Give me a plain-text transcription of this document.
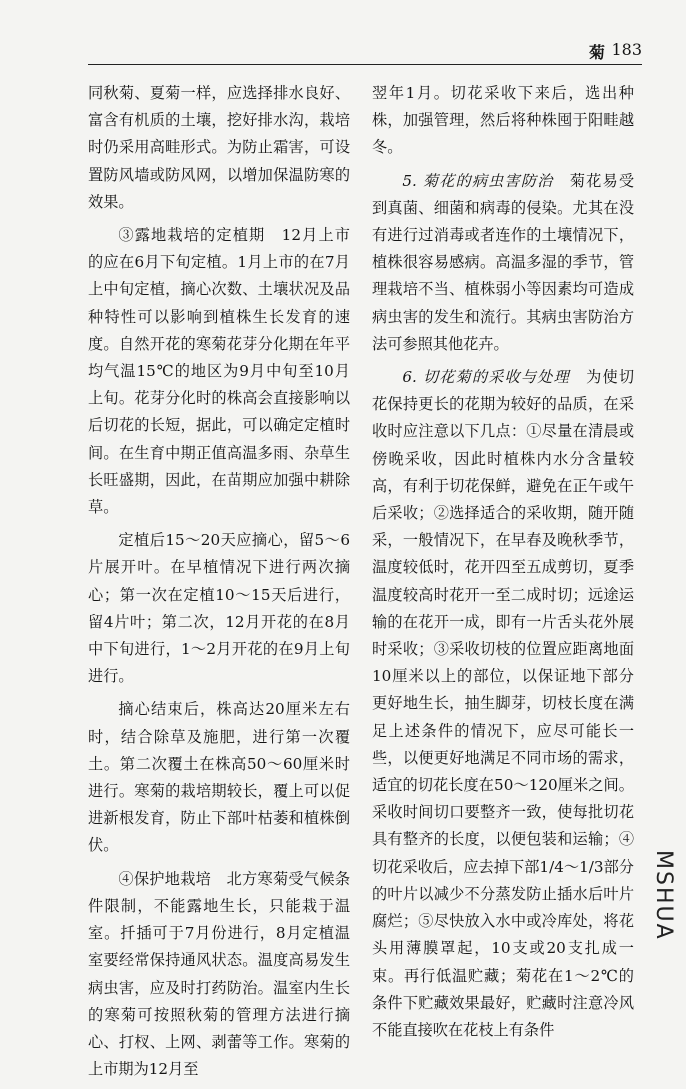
菊 183

同秋菊、夏菊一样，应选择排水良好、富含有机质的土壤，挖好排水沟，栽培时仍采用高畦形式。为防止霜害，可设置防风墙或防风网，以增加保温防寒的效果。

③露地栽培的定植期　12月上市的应在6月下旬定植。1月上市的在7月上中旬定植，摘心次数、土壤状况及品种特性可以影响到植株生长发育的速度。自然开花的寒菊花芽分化期在年平均气温15℃的地区为9月中旬至10月上旬。花芽分化时的株高会直接影响以后切花的长短，据此，可以确定定植时间。在生育中期正值高温多雨、杂草生长旺盛期，因此，在苗期应加强中耕除草。

定植后15～20天应摘心，留5～6片展开叶。在早植情况下进行两次摘心；第一次在定植10～15天后进行，留4片叶；第二次，12月开花的在8月中下旬进行，1～2月开花的在9月上旬进行。

摘心结束后，株高达20厘米左右时，结合除草及施肥，进行第一次覆土。第二次覆土在株高50～60厘米时进行。寒菊的栽培期较长，覆上可以促进新根发育，防止下部叶枯萎和植株倒伏。

④保护地栽培　北方寒菊受气候条件限制，不能露地生长，只能栽于温室。扦插可于7月份进行，8月定植温室要经常保持通风状态。温度高易发生病虫害，应及时打药防治。温室内生长的寒菊可按照秋菊的管理方法进行摘心、打杈、上网、剥蕾等工作。寒菊的上市期为12月至

翌年1月。切花采收下来后，选出种株，加强管理，然后将种株囤于阳畦越冬。

5. 菊花的病虫害防治　菊花易受到真菌、细菌和病毒的侵染。尤其在没有进行过消毒或者连作的土壤情况下，植株很容易感病。高温多湿的季节，管理栽培不当、植株弱小等因素均可造成病虫害的发生和流行。其病虫害防治方法可参照其他花卉。

6. 切花菊的采收与处理　为使切花保持更长的花期为较好的品质，在采收时应注意以下几点：①尽量在清晨或傍晚采收，因此时植株内水分含量较高，有利于切花保鲜，避免在正午或午后采收；②选择适合的采收期，随开随采，一般情况下，在早春及晚秋季节，温度较低时，花开四至五成剪切，夏季温度较高时花开一至二成时切；远途运输的在花开一成，即有一片舌头花外展时采收；③采收切枝的位置应距离地面10厘米以上的部位，以保证地下部分更好地生长，抽生脚芽，切枝长度在满足上述条件的情况下，应尽可能长一些，以便更好地满足不同市场的需求，适宜的切花长度在50～120厘米之间。采收时间切口要整齐一致，使每批切花具有整齐的长度，以便包装和运输；④切花采收后，应去掉下部1/4～1/3部分的叶片以减少不分蒸发防止插水后叶片腐烂；⑤尽快放入水中或冷库处，将花头用薄膜罩起，10支或20支扎成一束。再行低温贮藏；菊花在1～2℃的条件下贮藏效果最好，贮藏时注意冷风不能直接吹在花枝上有条件

MSHUA
